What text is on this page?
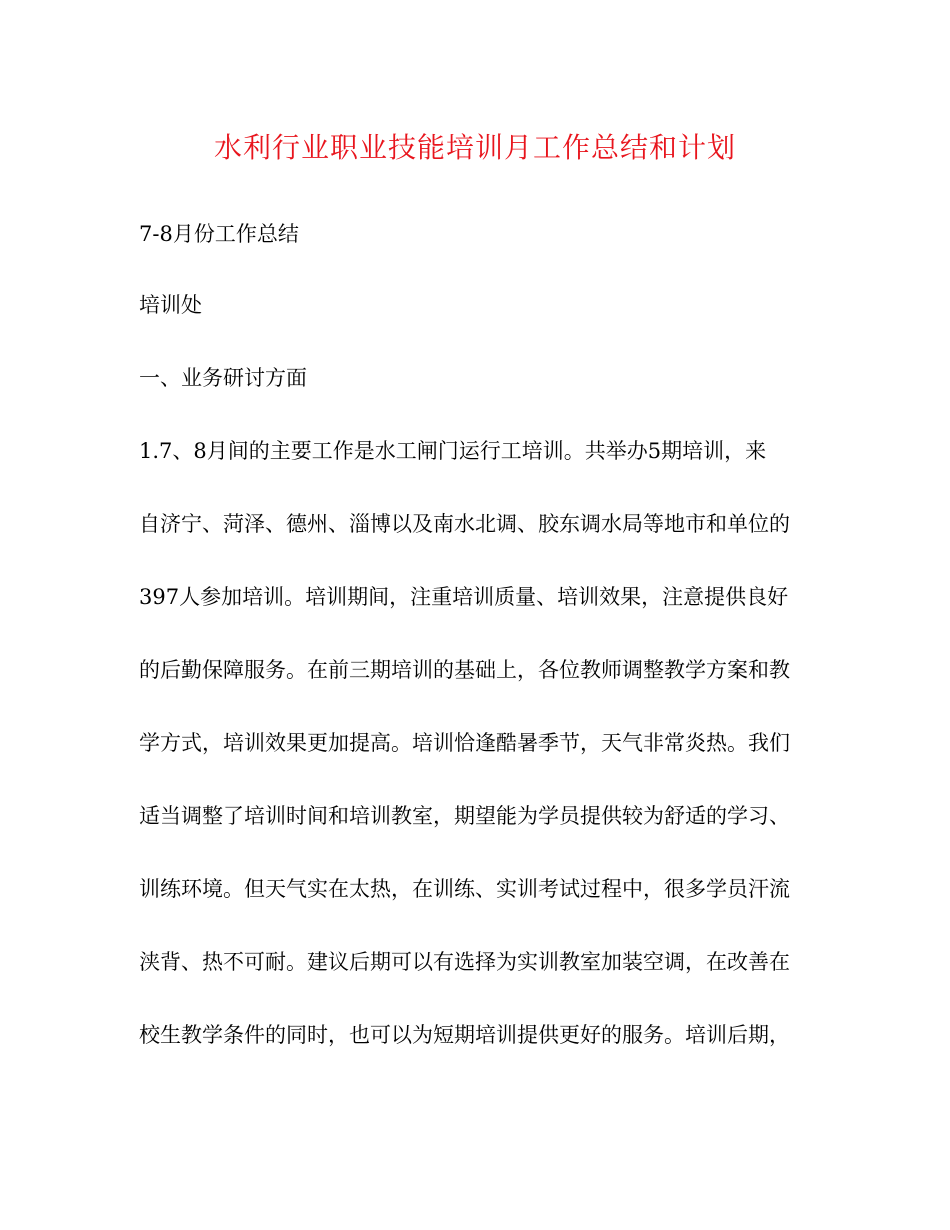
水利行业职业技能培训月工作总结和计划
7-8月份工作总结
培训处
一、业务研讨方面
1.7、8月间的主要工作是水工闸门运行工培训。共举办5期培训，来
自济宁、菏泽、德州、淄博以及南水北调、胶东调水局等地市和单位的
397人参加培训。培训期间，注重培训质量、培训效果，注意提供良好
的后勤保障服务。在前三期培训的基础上，各位教师调整教学方案和教
学方式，培训效果更加提高。培训恰逢酷暑季节，天气非常炎热。我们
适当调整了培训时间和培训教室，期望能为学员提供较为舒适的学习、
训练环境。但天气实在太热，在训练、实训考试过程中，很多学员汗流
浃背、热不可耐。建议后期可以有选择为实训教室加装空调，在改善在
校生教学条件的同时，也可以为短期培训提供更好的服务。培训后期，
